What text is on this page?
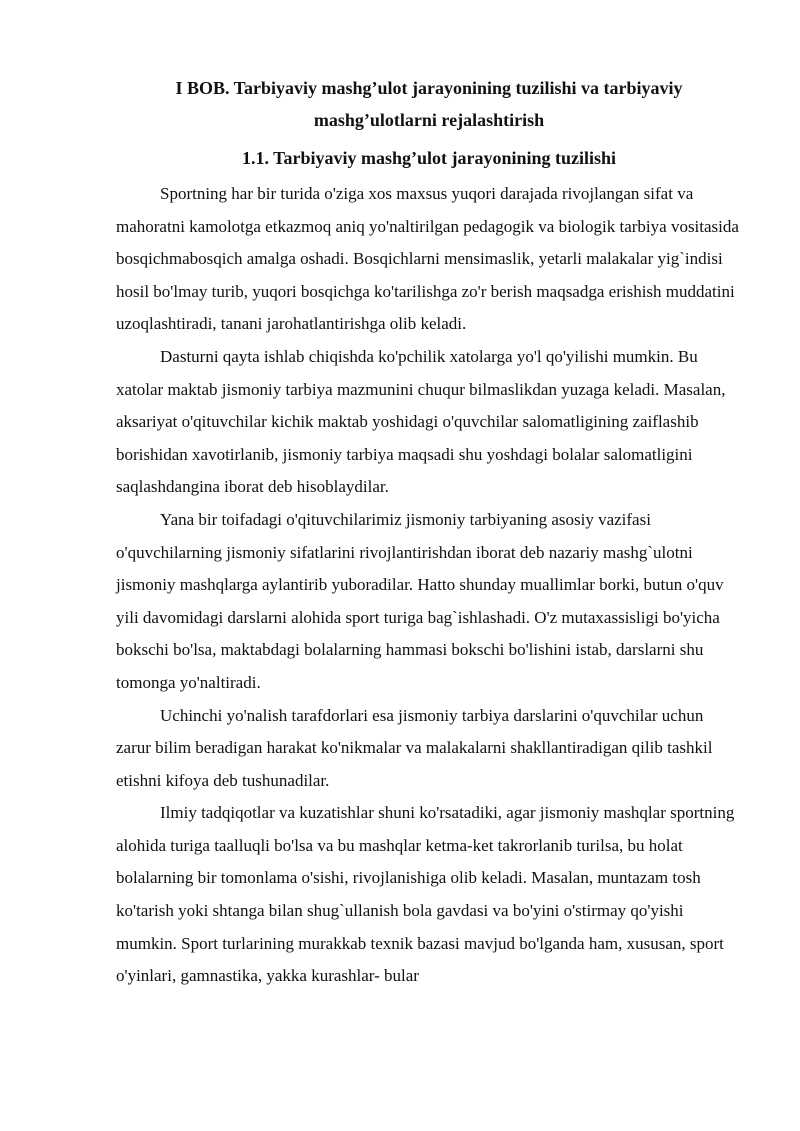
I BOB. Tarbiyaviy mashg’ulot jarayonining tuzilishi va tarbiyaviy

mashg’ulotlarni rejalashtirish

1.1. Tarbiyaviy mashg’ulot jarayonining tuzilishi

Sportning har bir turida o'ziga xos maxsus yuqori darajada rivojlangan sifat va mahoratni kamolotga etkazmoq aniq yo'naltirilgan pedagogik va biologik tarbiya vositasida bosqichmabosqich amalga oshadi. Bosqichlarni mensimaslik, yetarli malakalar yig`indisi hosil bo'lmay turib, yuqori bosqichga ko'tarilishga zo'r berish maqsadga erishish muddatini uzoqlashtiradi, tanani jarohatlantirishga olib keladi.

Dasturni qayta ishlab chiqishda ko'pchilik xatolarga yo'l qo'yilishi mumkin. Bu xatolar maktab jismoniy tarbiya mazmunini chuqur bilmaslikdan yuzaga keladi. Masalan, aksariyat o'qituvchilar kichik maktab yoshidagi o'quvchilar salomatligining zaiflashib borishidan xavotirlanib, jismoniy tarbiya maqsadi shu yoshdagi bolalar salomatligini saqlashdangina iborat deb hisoblaydilar.

Yana bir toifadagi o'qituvchilarimiz jismoniy tarbiyaning asosiy vazifasi o'quvchilarning jismoniy sifatlarini rivojlantirishdan iborat deb nazariy mashg`ulotni jismoniy mashqlarga aylantirib yuboradilar. Hatto shunday muallimlar borki, butun o'quv yili davomidagi darslarni alohida sport turiga bag`ishlashadi. O'z mutaxassisligi bo'yicha bokschi bo'lsa, maktabdagi bolalarning hammasi bokschi bo'lishini istab, darslarni shu tomonga yo'naltiradi.

Uchinchi yo'nalish tarafdorlari esa jismoniy tarbiya darslarini o'quvchilar uchun zarur bilim beradigan harakat ko'nikmalar va malakalarni shakllantiradigan qilib tashkil etishni kifoya deb tushunadilar.

Ilmiy tadqiqotlar va kuzatishlar shuni ko'rsatadiki, agar jismoniy mashqlar sportning alohida turiga taalluqli bo'lsa va bu mashqlar ketma-ket takrorlanib turilsa, bu holat bolalarning bir tomonlama o'sishi, rivojlanishiga olib keladi. Masalan, muntazam tosh ko'tarish yoki shtanga bilan shug`ullanish bola gavdasi va bo'yini o'stirmay qo'yishi mumkin. Sport turlarining murakkab texnik bazasi mavjud bo'lganda ham, xususan, sport o'yinlari, gamnastika, yakka kurashlar- bular
